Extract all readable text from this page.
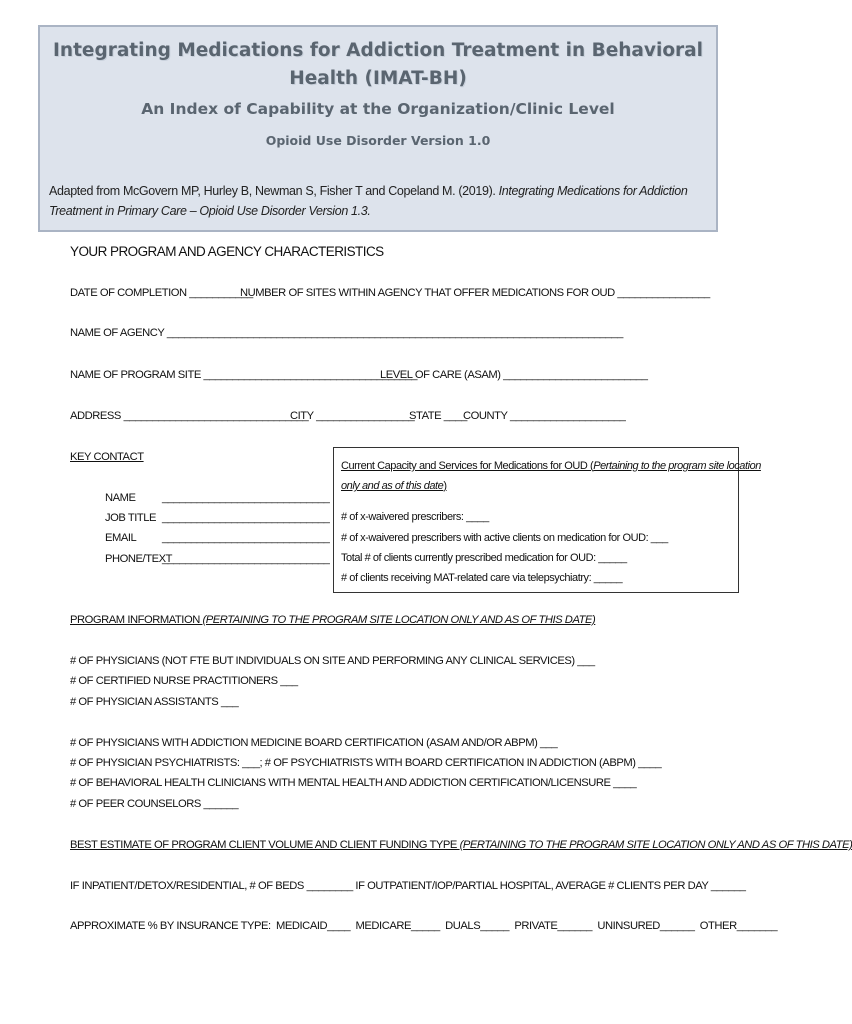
Integrating Medications for Addiction Treatment in Behavioral Health (IMAT-BH)
An Index of Capability at the Organization/Clinic Level
Opioid Use Disorder Version 1.0
Adapted from McGovern MP, Hurley B, Newman S, Fisher T and Copeland M. (2019). Integrating Medications for Addiction Treatment in Primary Care – Opioid Use Disorder Version 1.3.
YOUR PROGRAM AND AGENCY CHARACTERISTICS
DATE OF COMPLETION ___________
NUMBER OF SITES WITHIN AGENCY THAT OFFER MEDICATIONS FOR OUD ________________
NAME OF AGENCY _______________________________________________________________________________
NAME OF PROGRAM SITE _____________________________________
LEVEL OF CARE (ASAM) _________________________
ADDRESS ________________________________
CITY _________________
STATE ____
COUNTY ____________________
KEY CONTACT
NAME _____________________________
JOB TITLE _____________________________
EMAIL _____________________________
PHONE/TEXT
_____________________________
Current Capacity and Services for Medications for OUD (Pertaining to the program site location
only and as of this date)
# of x-waivered prescribers: ____
# of x-waivered prescribers with active clients on medication for OUD: ___
Total # of clients currently prescribed medication for OUD: _____
# of clients receiving MAT-related care via telepsychiatry: _____
PROGRAM INFORMATION (PERTAINING TO THE PROGRAM SITE LOCATION ONLY AND AS OF THIS DATE)
# OF PHYSICIANS (NOT FTE BUT INDIVIDUALS ON SITE AND PERFORMING ANY CLINICAL SERVICES) ___
# OF CERTIFIED NURSE PRACTITIONERS ___
# OF PHYSICIAN ASSISTANTS ___
# OF PHYSICIANS WITH ADDICTION MEDICINE BOARD CERTIFICATION (ASAM AND/OR ABPM) ___
# OF PHYSICIAN PSYCHIATRISTS: ___; # OF PSYCHIATRISTS WITH BOARD CERTIFICATION IN ADDICTION (ABPM) ____
# OF BEHAVIORAL HEALTH CLINICIANS WITH MENTAL HEALTH AND ADDICTION CERTIFICATION/LICENSURE ____
# OF PEER COUNSELORS ______
BEST ESTIMATE OF PROGRAM CLIENT VOLUME AND CLIENT FUNDING TYPE (PERTAINING TO THE PROGRAM SITE LOCATION ONLY AND AS OF THIS DATE)
IF INPATIENT/DETOX/RESIDENTIAL, # OF BEDS ________ IF OUTPATIENT/IOP/PARTIAL HOSPITAL, AVERAGE # CLIENTS PER DAY ______
APPROXIMATE % BY INSURANCE TYPE:  MEDICAID____  MEDICARE_____  DUALS_____  PRIVATE______  UNINSURED______  OTHER_______
